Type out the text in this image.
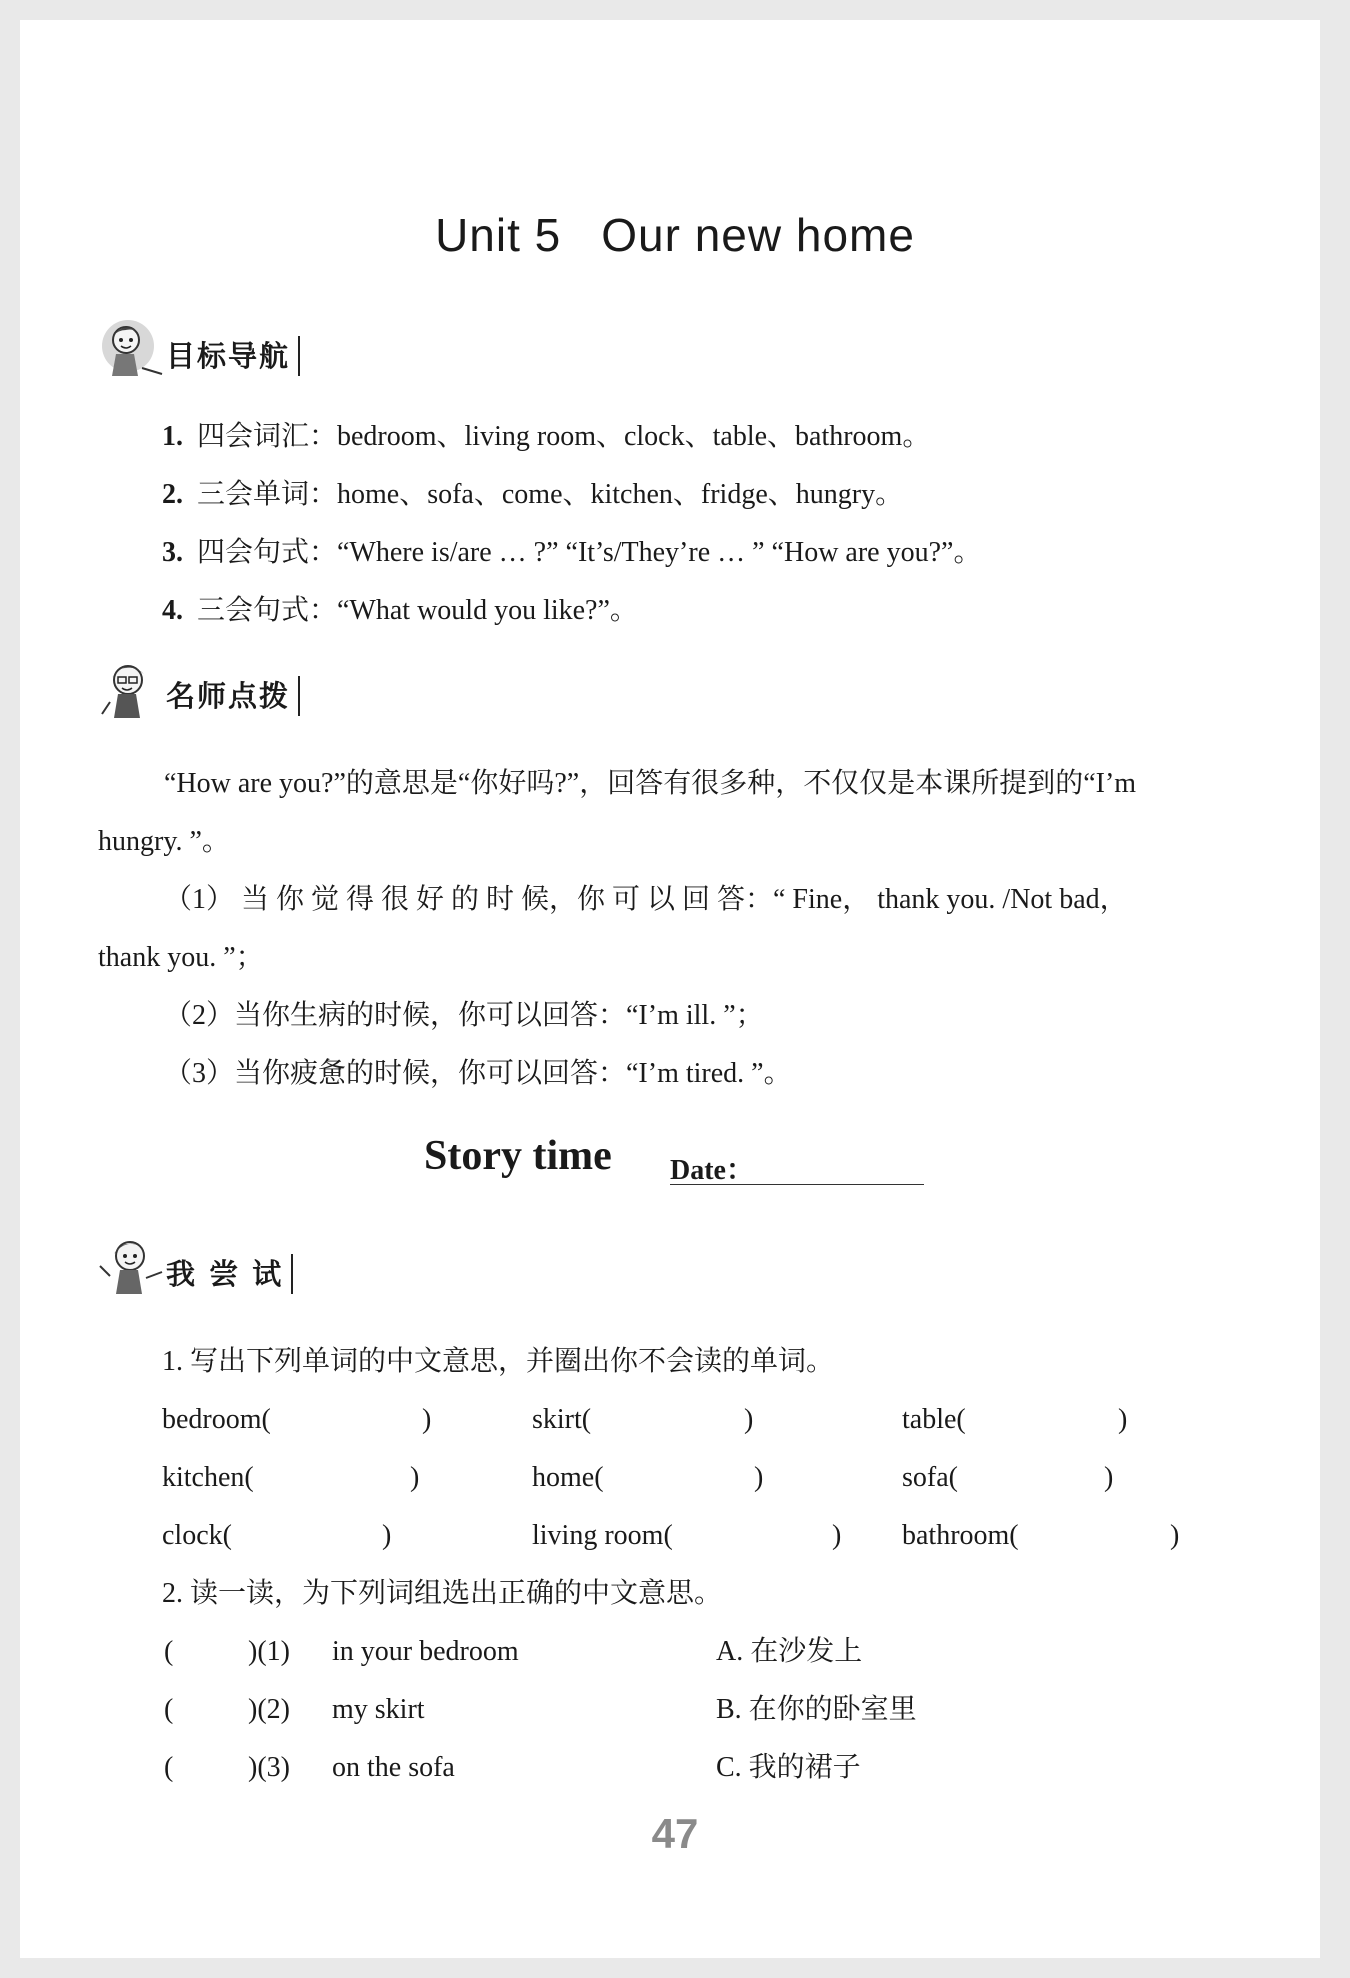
Unit 5 Our new home
目标导航
1. 四会词汇：bedroom、living room、clock、table、bathroom。
2. 三会单词：home、sofa、come、kitchen、fridge、hungry。
3. 四会句式：“Where is/are … ?” “It’s/They’re … ” “How are you?”。
4. 三会句式：“What would you like?”。
名师点拨
“How are you?”的意思是“你好吗?”，回答有很多种，不仅仅是本课所提到的“I’m
hungry. ”。
（1） 当 你 觉 得 很 好 的 时 候，你 可 以 回 答：“ Fine， thank you. /Not bad，
thank you. ”；
（2）当你生病的时候，你可以回答：“I’m ill. ”；
（3）当你疲惫的时候，你可以回答：“I’m tired. ”。
Story time Date：
我 尝 试
1. 写出下列单词的中文意思，并圈出你不会读的单词。
bedroom(	)	skirt(	)	table(	)
kitchen(	)	home(	)	sofa(	)
clock(	)	living room(	) bathroom(	)
2. 读一读，为下列词组选出正确的中文意思。
(	)(1) in your bedroom	A. 在沙发上
(	)(2) my skirt	B. 在你的卧室里
(	)(3) on the sofa	C. 我的裙子
47
